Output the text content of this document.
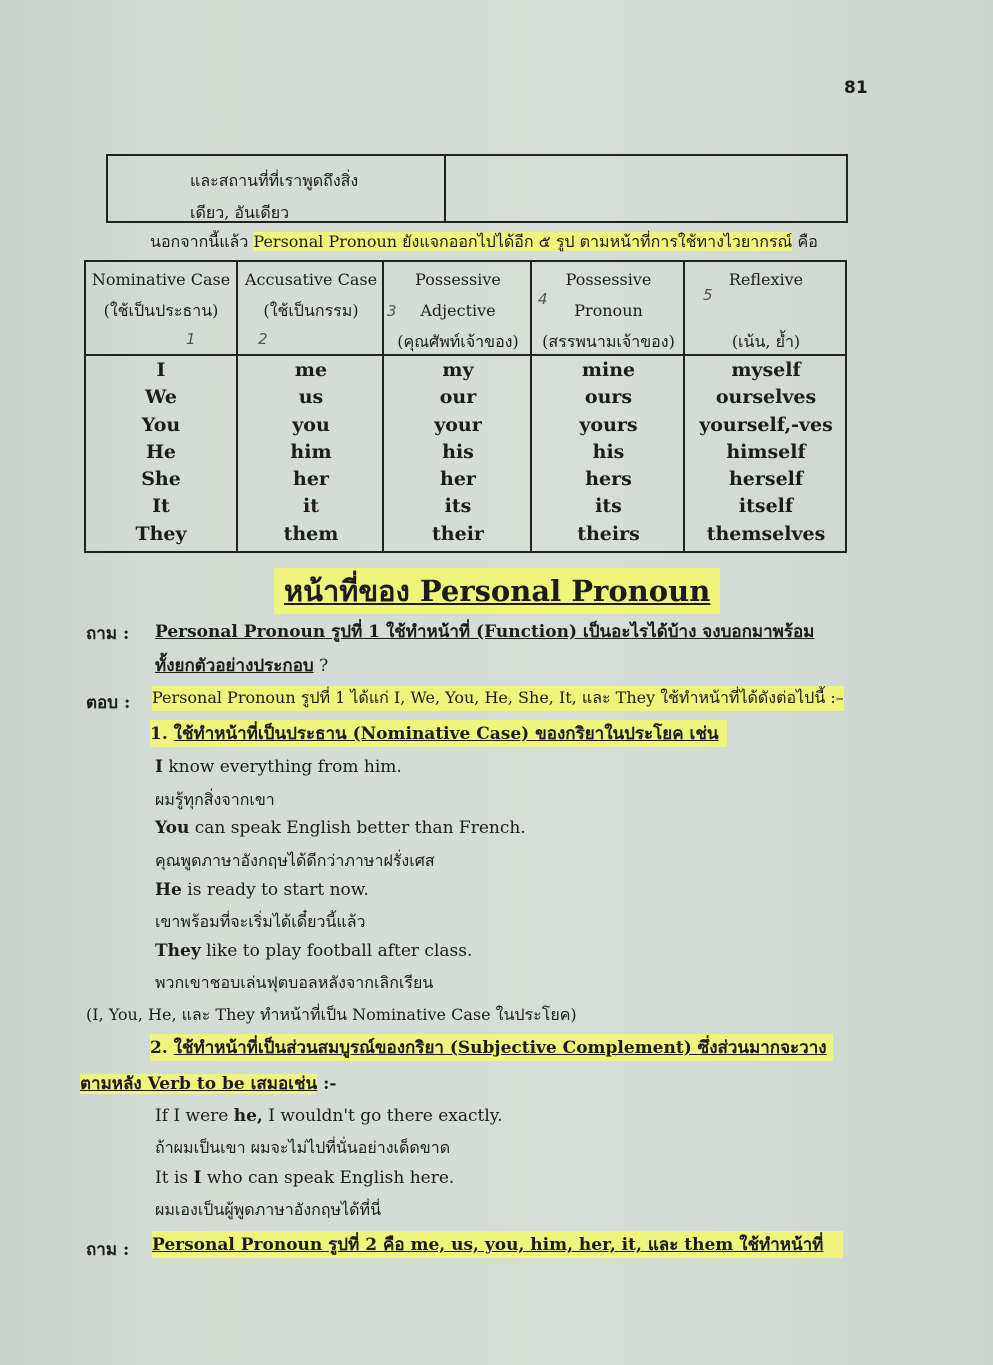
81
และสถานที่ที่เราพูดถึงสิ่ง
เดียว, อันเดียว
นอกจากนี้แล้ว Personal Pronoun ยังแจกออกไปได้อีก ๕ รูป ตามหน้าที่การใช้ทางไวยากรณ์ คือ
Nominative Case
(ใช้เป็นประธาน)
1
I
We
You
He
She
It
They
Accusative Case
(ใช้เป็นกรรม)
2
me
us
you
him
her
it
them
Possessive
Adjective
(คุณศัพท์เจ้าของ)
3
my
our
your
his
her
its
their
Possessive
Pronoun
(สรรพนามเจ้าของ)
4
mine
ours
yours
his
hers
its
theirs
Reflexive

(เน้น, ย้ำ)
5
myself
ourselves
yourself,-ves
himself
herself
itself
themselves
หน้าที่ของ Personal Pronoun
ถาม : Personal Pronoun รูปที่ 1 ใช้ทำหน้าที่ (Function) เป็นอะไรได้บ้าง จงบอกมาพร้อม
ทั้งยกตัวอย่างประกอบ ?
ตอบ : Personal Pronoun รูปที่ 1 ได้แก่ I, We, You, He, She, It, และ They ใช้ทำหน้าที่ได้ดังต่อไปนี้ :–
1. ใช้ทำหน้าที่เป็นประธาน (Nominative Case) ของกริยาในประโยค เช่น
I know everything from him.
ผมรู้ทุกสิ่งจากเขา
You can speak English better than French.
คุณพูดภาษาอังกฤษได้ดีกว่าภาษาฝรั่งเศส
He is ready to start now.
เขาพร้อมที่จะเริ่มได้เดี๋ยวนี้แล้ว
They like to play football after class.
พวกเขาชอบเล่นฟุตบอลหลังจากเลิกเรียน
(I, You, He, และ They ทำหน้าที่เป็น Nominative Case ในประโยค)
2. ใช้ทำหน้าที่เป็นส่วนสมบูรณ์ของกริยา (Subjective Complement) ซึ่งส่วนมากจะวาง
ตามหลัง Verb to be เสมอเช่น :-
If I were he, I wouldn't go there exactly.
ถ้าผมเป็นเขา ผมจะไม่ไปที่นั่นอย่างเด็ดขาด
It is I who can speak English here.
ผมเองเป็นผู้พูดภาษาอังกฤษได้ที่นี่
ถาม : Personal Pronoun รูปที่ 2 คือ me, us, you, him, her, it, และ them ใช้ทำหน้าที่
